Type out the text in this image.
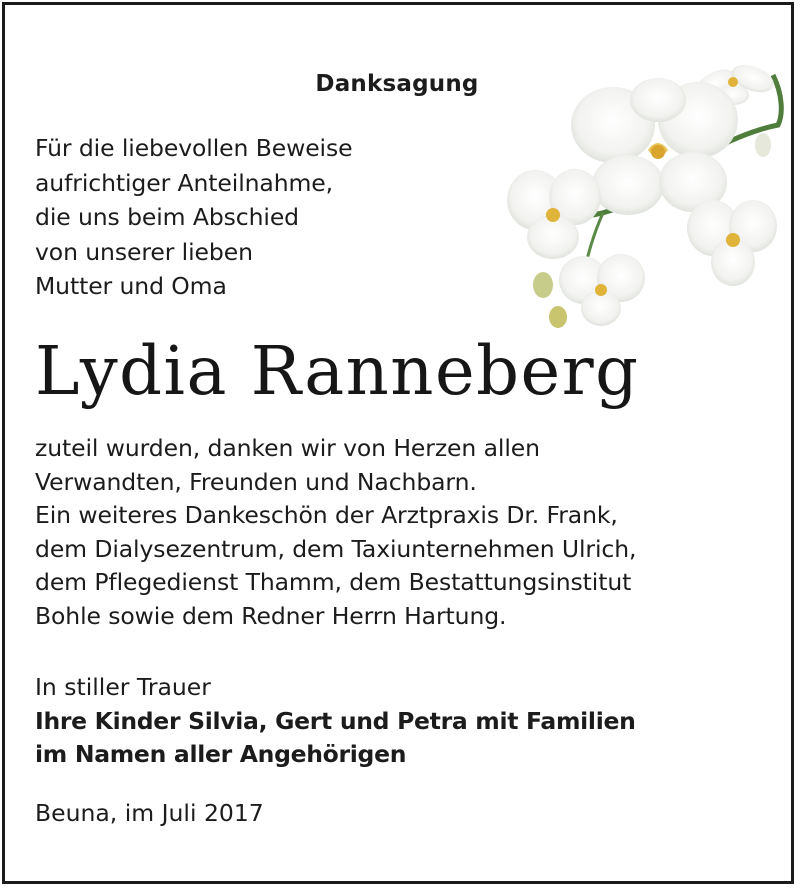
Danksagung
Für die liebevollen Beweise
aufrichtiger Anteilnahme,
die uns beim Abschied
von unserer lieben
Mutter und Oma
Lydia Ranneberg
zuteil wurden, danken wir von Herzen allen
Verwandten, Freunden und Nachbarn.
Ein weiteres Dankeschön der Arztpraxis Dr. Frank,
dem Dialysezentrum, dem Taxiunternehmen Ulrich,
dem Pflegedienst Thamm, dem Bestattungsinstitut
Bohle sowie dem Redner Herrn Hartung.
In stiller Trauer
Ihre Kinder Silvia, Gert und Petra mit Familien
im Namen aller Angehörigen
Beuna, im Juli 2017
